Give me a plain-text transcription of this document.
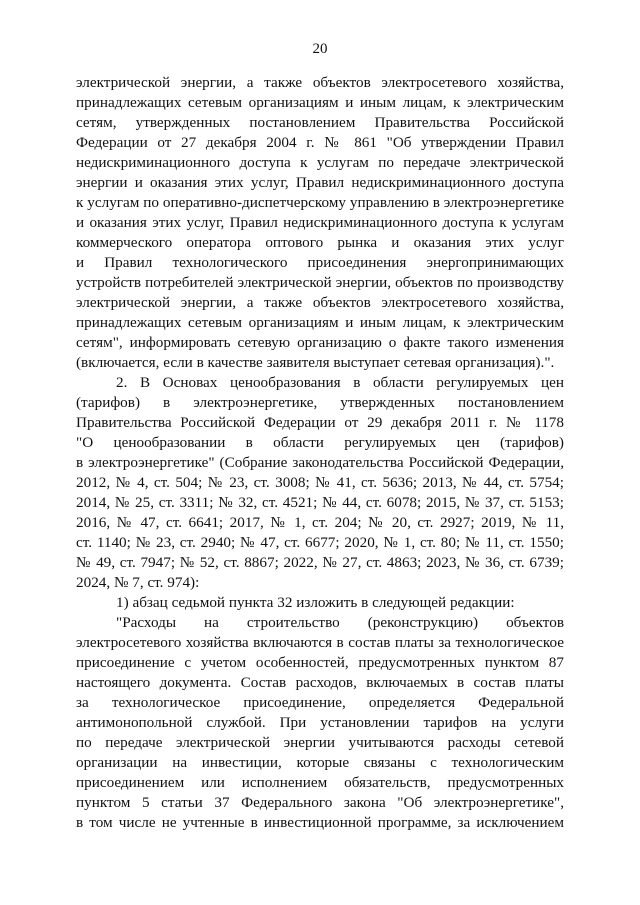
20
электрической энергии, а также объектов электросетевого хозяйства,
принадлежащих сетевым организациям и иным лицам, к электрическим
сетям, утвержденных постановлением Правительства Российской
Федерации от 27 декабря 2004 г. № 861 "Об утверждении Правил
недискриминационного доступа к услугам по передаче электрической
энергии и оказания этих услуг, Правил недискриминационного доступа
к услугам по оперативно-диспетчерскому управлению в электроэнергетике
и оказания этих услуг, Правил недискриминационного доступа к услугам
коммерческого оператора оптового рынка и оказания этих услуг
и Правил технологического присоединения энергопринимающих
устройств потребителей электрической энергии, объектов по производству
электрической энергии, а также объектов электросетевого хозяйства,
принадлежащих сетевым организациям и иным лицам, к электрическим
сетям", информировать сетевую организацию о факте такого изменения
(включается, если в качестве заявителя выступает сетевая организация).".
2. В Основах ценообразования в области регулируемых цен
(тарифов) в электроэнергетике, утвержденных постановлением
Правительства Российской Федерации от 29 декабря 2011 г. № 1178
"О ценообразовании в области регулируемых цен (тарифов)
в электроэнергетике" (Собрание законодательства Российской Федерации,
2012, № 4, ст. 504; № 23, ст. 3008; № 41, ст. 5636; 2013, № 44, ст. 5754;
2014, № 25, ст. 3311; № 32, ст. 4521; № 44, ст. 6078; 2015, № 37, ст. 5153;
2016, № 47, ст. 6641; 2017, № 1, ст. 204; № 20, ст. 2927; 2019, № 11,
ст. 1140; № 23, ст. 2940; № 47, ст. 6677; 2020, № 1, ст. 80; № 11, ст. 1550;
№ 49, ст. 7947; № 52, ст. 8867; 2022, № 27, ст. 4863; 2023, № 36, ст. 6739;
2024, № 7, ст. 974):
1) абзац седьмой пункта 32 изложить в следующей редакции:
"Расходы на строительство (реконструкцию) объектов
электросетевого хозяйства включаются в состав платы за технологическое
присоединение с учетом особенностей, предусмотренных пунктом 87
настоящего документа. Состав расходов, включаемых в состав платы
за технологическое присоединение, определяется Федеральной
антимонопольной службой. При установлении тарифов на услуги
по передаче электрической энергии учитываются расходы сетевой
организации на инвестиции, которые связаны с технологическим
присоединением или исполнением обязательств, предусмотренных
пунктом 5 статьи 37 Федерального закона "Об электроэнергетике",
в том числе не учтенные в инвестиционной программе, за исключением
